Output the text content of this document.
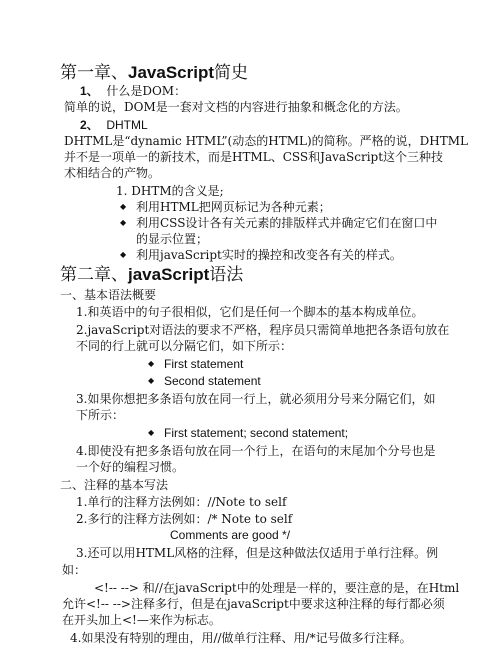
第一章、JavaScript简史
1、 什么是DOM：
简单的说，DOM是一套对文档的内容进行抽象和概念化的方法。
2、 DHTML
DHTML是“dynamic HTML”(动态的HTML)的简称。严格的说，DHTML
并不是一项单一的新技术，而是HTML、CSS和JavaScript这个三种技
术相结合的产物。
1. DHTM的含义是;
◆ 利用HTML把网页标记为各种元素；
◆ 利用CSS设计各有关元素的排版样式并确定它们在窗口中
的显示位置；
◆ 利用javaScript实时的操控和改变各有关的样式。
第二章、javaScript语法
一、基本语法概要
1.和英语中的句子很相似，它们是任何一个脚本的基本构成单位。
2.javaScript对语法的要求不严格，程序员只需简单地把各条语句放在
不同的行上就可以分隔它们，如下所示：
◆ First statement
◆ Second statement
3.如果你想把多条语句放在同一行上，就必须用分号来分隔它们，如
下所示：
◆ First statement; second statement;
4.即使没有把多条语句放在同一个行上，在语句的末尾加个分号也是
一个好的编程习惯。
二、注释的基本写法
1.单行的注释方法例如：//Note to self
2.多行的注释方法例如：/* Note to self
Comments are good */
3.还可以用HTML风格的注释，但是这种做法仅适用于单行注释。例
如：
<!-- --> 和//在javaScript中的处理是一样的，要注意的是，在Html
允许<!-- -->注释多行，但是在javaScript中要求这种注释的每行都必须
在开头加上<!—来作为标志。
4.如果没有特别的理由，用//做单行注释、用/*记号做多行注释。
